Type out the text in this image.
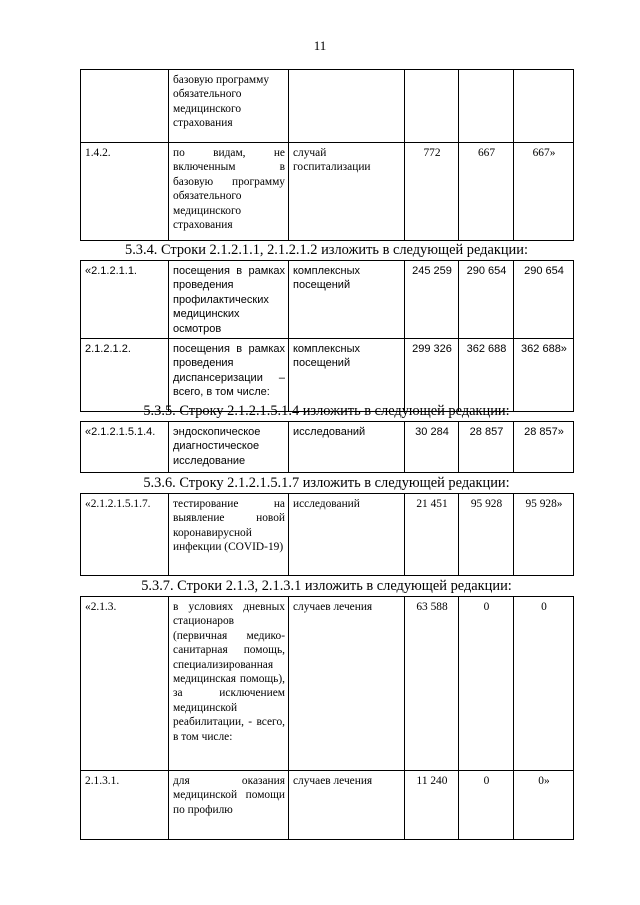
11
	базовую программу обязательного медицинского страхования				
1.4.2.	по видам, не включенным в базовую программу обязательного медицинского страхования	случай госпитализации	772	667	667»
5.3.4. Строки 2.1.2.1.1, 2.1.2.1.2 изложить в следующей редакции:
«2.1.2.1.1.	посещения в рамках проведения профилактических медицинских осмотров	комплексных посещений	245 259	290 654	290 654
2.1.2.1.2.	посещения в рамках проведения диспансеризации – всего, в том числе:	комплексных посещений	299 326	362 688	362 688»
5.3.5. Строку 2.1.2.1.5.1.4 изложить в следующей редакции:
«2.1.2.1.5.1.4.	эндоскопическое диагностическое исследование	исследований	30 284	28 857	28 857»
5.3.6. Строку 2.1.2.1.5.1.7 изложить в следующей редакции:
«2.1.2.1.5.1.7.	тестирование на выявление новой коронавирусной инфекции (COVID-19)	исследований	21 451	95 928	95 928»
5.3.7. Строки 2.1.3, 2.1.3.1 изложить в следующей редакции:
«2.1.3.	в условиях дневных стационаров (первичная медико-санитарная помощь, специализированная медицинская помощь), за исключением медицинской реабилитации, - всего, в том числе:	случаев лечения	63 588	0	0
2.1.3.1.	для оказания медицинской помощи по профилю	случаев лечения	11 240	0	0»
